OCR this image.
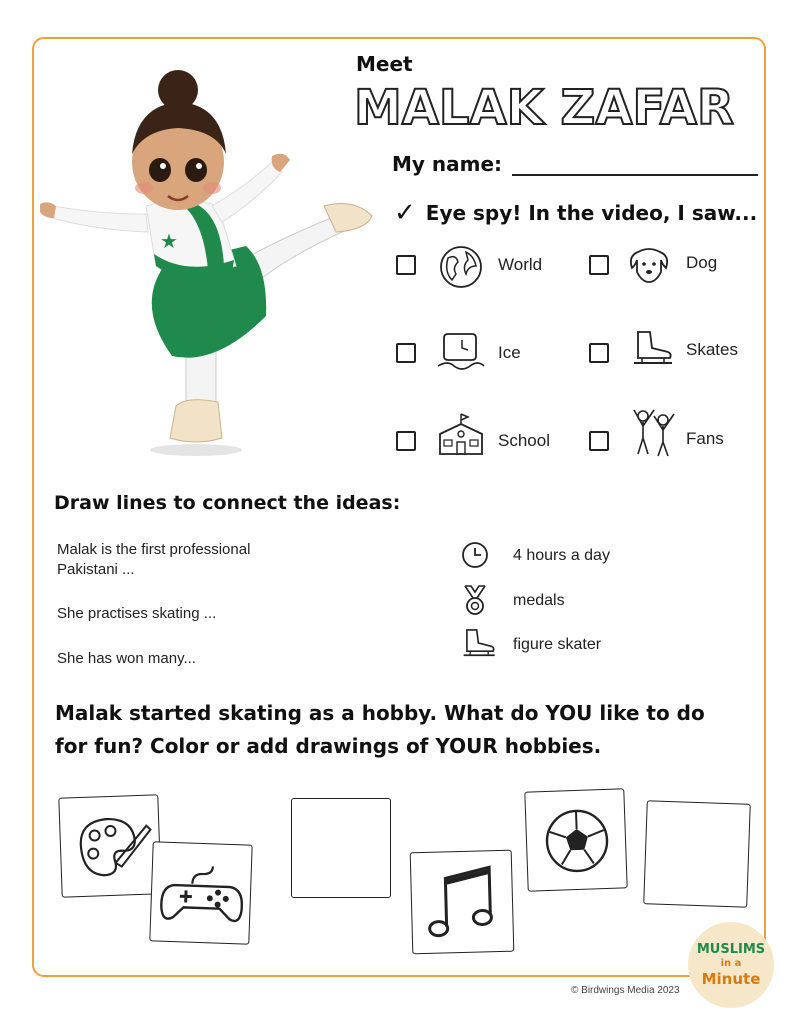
★
Meet
MALAK ZAFAR
My name:
✓ Eye spy! In the video, I saw...
World	Dog
Ice	Skates
School	Fans
Draw lines to connect the ideas:
Malak is the first professional Pakistani ...
She practises skating ...
She has won many...
4 hours a day
medals
figure skater
Malak started skating as a hobby. What do YOU like to do
for fun? Color or add drawings of YOUR hobbies.
MUSLIMS
in a
Minute
© Birdwings Media 2023
